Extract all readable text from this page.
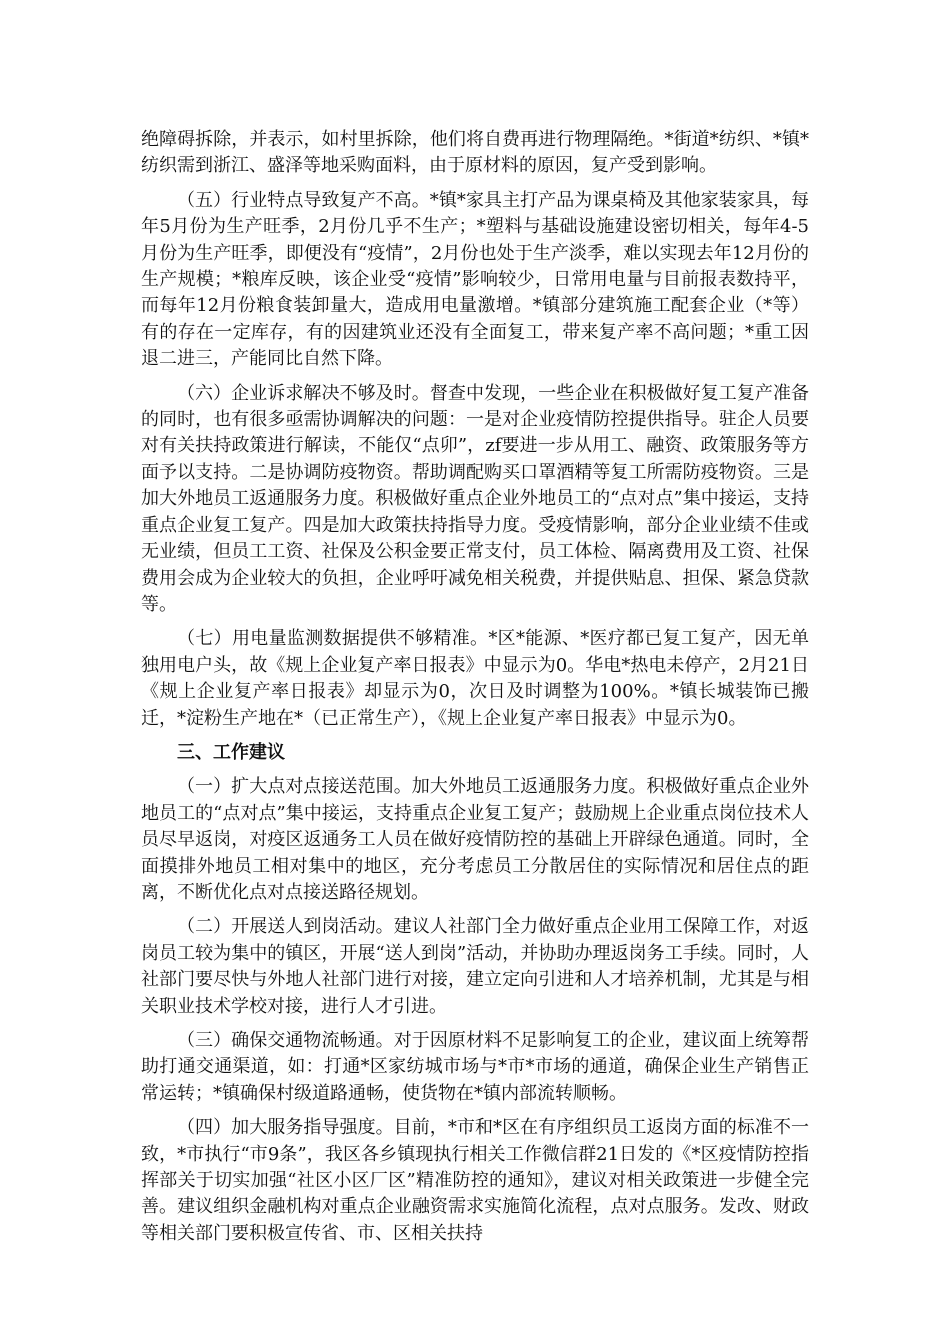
绝障碍拆除，并表示，如村里拆除，他们将自费再进行物理隔绝。*街道*纺织、*镇*纺织需到浙江、盛泽等地采购面料，由于原材料的原因，复产受到影响。

（五）行业特点导致复产不高。*镇*家具主打产品为课桌椅及其他家装家具，每年5月份为生产旺季，2月份几乎不生产；*塑料与基础设施建设密切相关，每年4-5月份为生产旺季，即便没有“疫情”，2月份也处于生产淡季，难以实现去年12月份的生产规模；*粮库反映，该企业受“疫情”影响较少，日常用电量与目前报表数持平，而每年12月份粮食装卸量大，造成用电量激增。*镇部分建筑施工配套企业（*等）有的存在一定库存，有的因建筑业还没有全面复工，带来复产率不高问题；*重工因退二进三，产能同比自然下降。

（六）企业诉求解决不够及时。督查中发现，一些企业在积极做好复工复产准备的同时，也有很多亟需协调解决的问题：一是对企业疫情防控提供指导。驻企人员要对有关扶持政策进行解读，不能仅“点卯”，zf要进一步从用工、融资、政策服务等方面予以支持。二是协调防疫物资。帮助调配购买口罩酒精等复工所需防疫物资。三是加大外地员工返通服务力度。积极做好重点企业外地员工的“点对点”集中接运，支持重点企业复工复产。四是加大政策扶持指导力度。受疫情影响，部分企业业绩不佳或无业绩，但员工工资、社保及公积金要正常支付，员工体检、隔离费用及工资、社保费用会成为企业较大的负担，企业呼吁减免相关税费，并提供贴息、担保、紧急贷款等。

（七）用电量监测数据提供不够精准。*区*能源、*医疗都已复工复产，因无单独用电户头，故《规上企业复产率日报表》中显示为0。华电*热电未停产，2月21日《规上企业复产率日报表》却显示为0，次日及时调整为100%。*镇长城装饰已搬迁，*淀粉生产地在*（已正常生产），《规上企业复产率日报表》中显示为0。

三、工作建议

（一）扩大点对点接送范围。加大外地员工返通服务力度。积极做好重点企业外地员工的“点对点”集中接运，支持重点企业复工复产；鼓励规上企业重点岗位技术人员尽早返岗，对疫区返通务工人员在做好疫情防控的基础上开辟绿色通道。同时，全面摸排外地员工相对集中的地区，充分考虑员工分散居住的实际情况和居住点的距离，不断优化点对点接送路径规划。

（二）开展送人到岗活动。建议人社部门全力做好重点企业用工保障工作，对返岗员工较为集中的镇区，开展“送人到岗”活动，并协助办理返岗务工手续。同时，人社部门要尽快与外地人社部门进行对接，建立定向引进和人才培养机制，尤其是与相关职业技术学校对接，进行人才引进。

（三）确保交通物流畅通。对于因原材料不足影响复工的企业，建议面上统筹帮助打通交通渠道，如：打通*区家纺城市场与*市*市场的通道，确保企业生产销售正常运转；*镇确保村级道路通畅，使货物在*镇内部流转顺畅。

（四）加大服务指导强度。目前，*市和*区在有序组织员工返岗方面的标准不一致，*市执行“市9条”，我区各乡镇现执行相关工作微信群21日发的《*区疫情防控指挥部关于切实加强“社区小区厂区”精准防控的通知》，建议对相关政策进一步健全完善。建议组织金融机构对重点企业融资需求实施简化流程，点对点服务。发改、财政等相关部门要积极宣传省、市、区相关扶持
